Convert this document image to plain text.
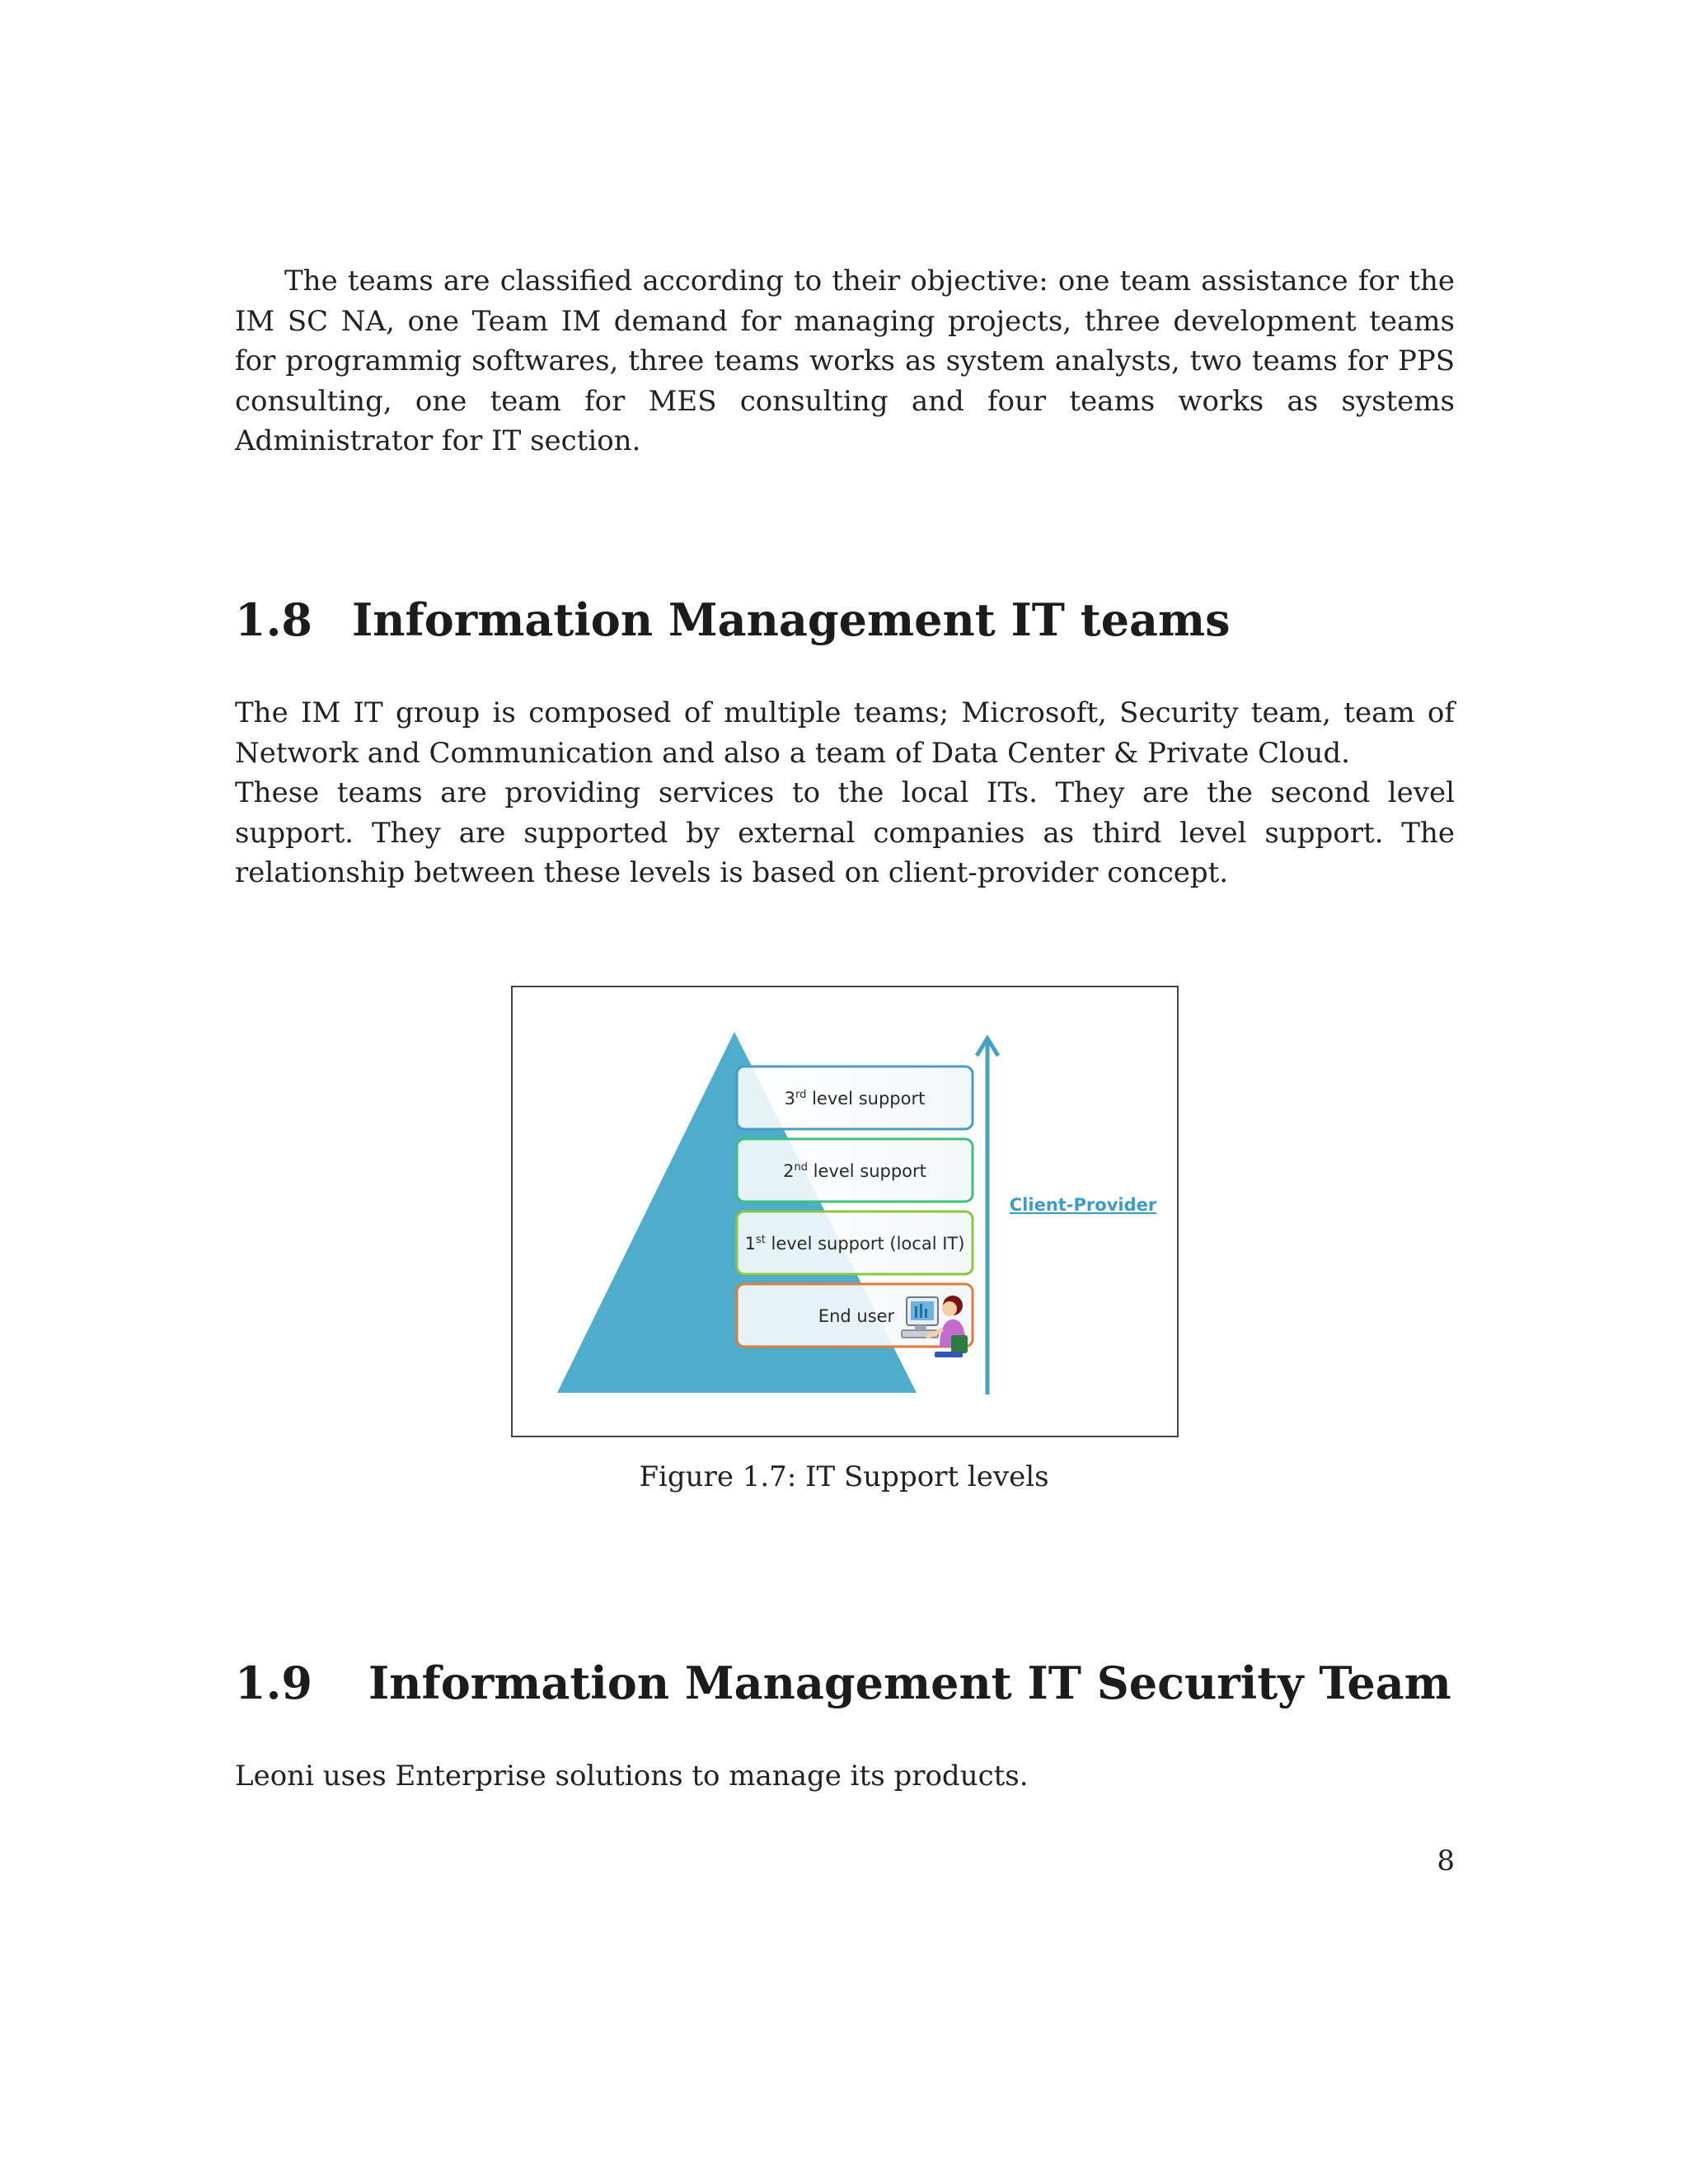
The teams are classified according to their objective: one team assistance for the IM SC NA, one Team IM demand for managing projects, three development teams for programmig softwares, three teams works as system analysts, two teams for PPS consulting, one team for MES consulting and four teams works as systems Administrator for IT section.

1.8 Information Management IT teams

The IM IT group is composed of multiple teams; Microsoft, Security team, team of Network and Communication and also a team of Data Center & Private Cloud.

These teams are providing services to the local ITs. They are the second level support. They are supported by external companies as third level support. The relationship between these levels is based on client-provider concept.

3rd level support
2nd level support
1st level support (local IT)
End user
Client-Provider
Figure 1.7: IT Support levels
1.9 Information Management IT Security Team

Leoni uses Enterprise solutions to manage its products.

8
